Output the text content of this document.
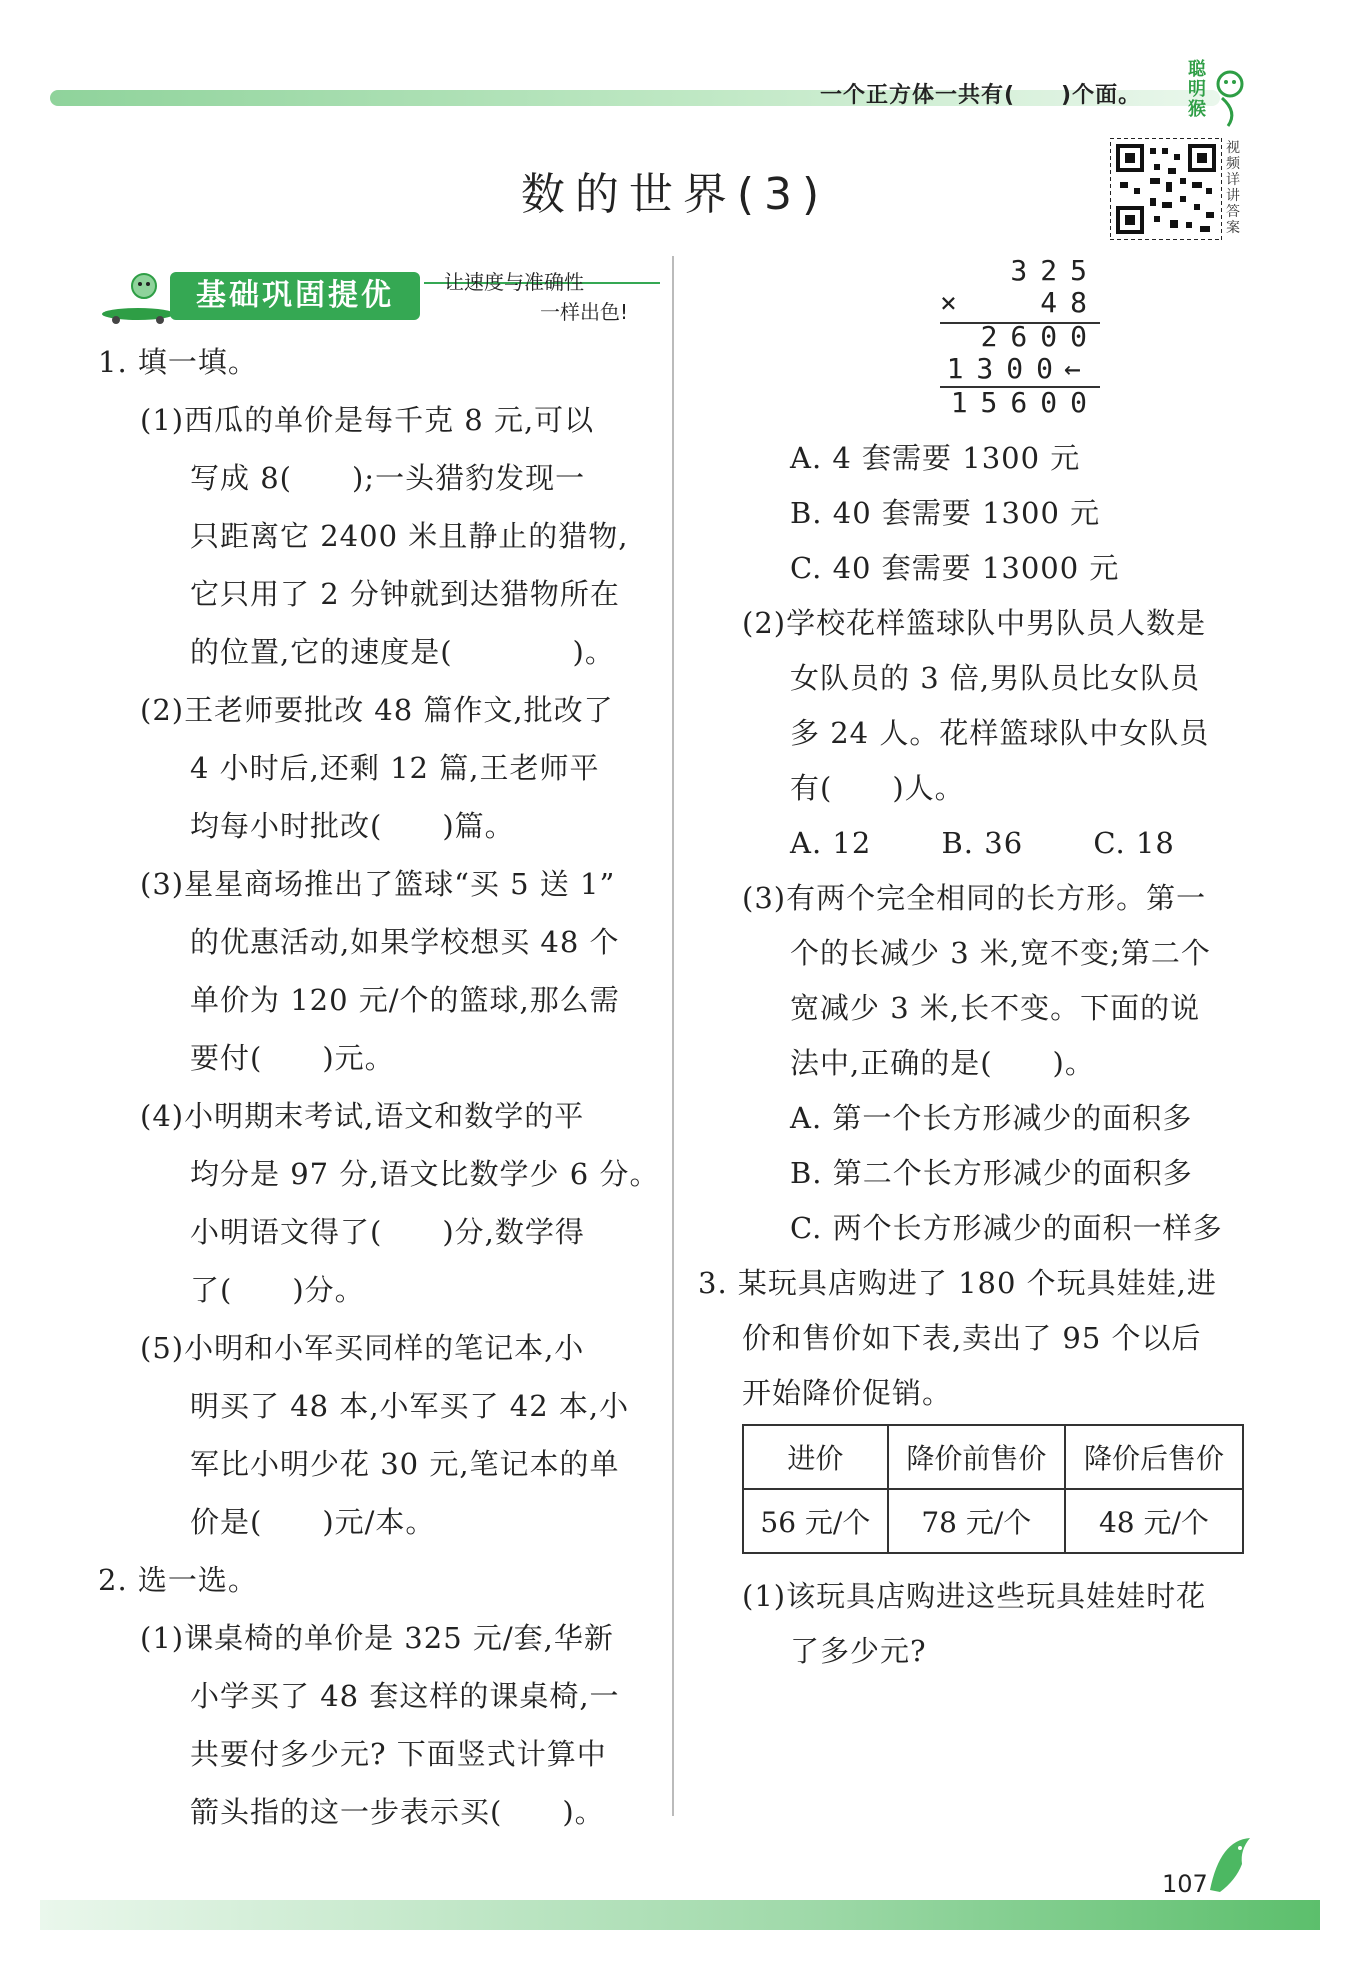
一个正方体一共有(　　)个面。
聪明猴
视频详讲答案
数的世界(3)
基础巩固提优	让速度与准确性
一样出色!
1. 填一填。
(1)西瓜的单价是每千克 8 元,可以
写成 8(　　);一头猎豹发现一
只距离它 2400 米且静止的猎物,
它只用了 2 分钟就到达猎物所在
的位置,它的速度是(　　　　)。
(2)王老师要批改 48 篇作文,批改了
4 小时后,还剩 12 篇,王老师平
均每小时批改(　　)篇。
(3)星星商场推出了篮球“买 5 送 1”
的优惠活动,如果学校想买 48 个
单价为 120 元/个的篮球,那么需
要付(　　)元。
(4)小明期末考试,语文和数学的平
均分是 97 分,语文比数学少 6 分。
小明语文得了(　　)分,数学得
了(　　)分。
(5)小明和小军买同样的笔记本,小
明买了 48 本,小军买了 42 本,小
军比小明少花 30 元,笔记本的单
价是(　　)元/本。
2. 选一选。
(1)课桌椅的单价是 325 元/套,华新
小学买了 48 套这样的课桌椅,一
共要付多少元? 下面竖式计算中
箭头指的这一步表示买(　　)。
325
×	48
2600
1300
←
15600
A. 4 套需要 1300 元
B. 40 套需要 1300 元
C. 40 套需要 13000 元
(2)学校花样篮球队中男队员人数是
女队员的 3 倍,男队员比女队员
多 24 人。花样篮球队中女队员
有(　　)人。
A. 12　　 B. 36　　 C. 18
(3)有两个完全相同的长方形。第一
个的长减少 3 米,宽不变;第二个
宽减少 3 米,长不变。下面的说
法中,正确的是(　　)。
A. 第一个长方形减少的面积多
B. 第二个长方形减少的面积多
C. 两个长方形减少的面积一样多
3. 某玩具店购进了 180 个玩具娃娃,进
价和售价如下表,卖出了 95 个以后
开始降价促销。
进价	降价前售价	降价后售价
56 元/个	78 元/个	48 元/个
(1)该玩具店购进这些玩具娃娃时花
了多少元?
107
